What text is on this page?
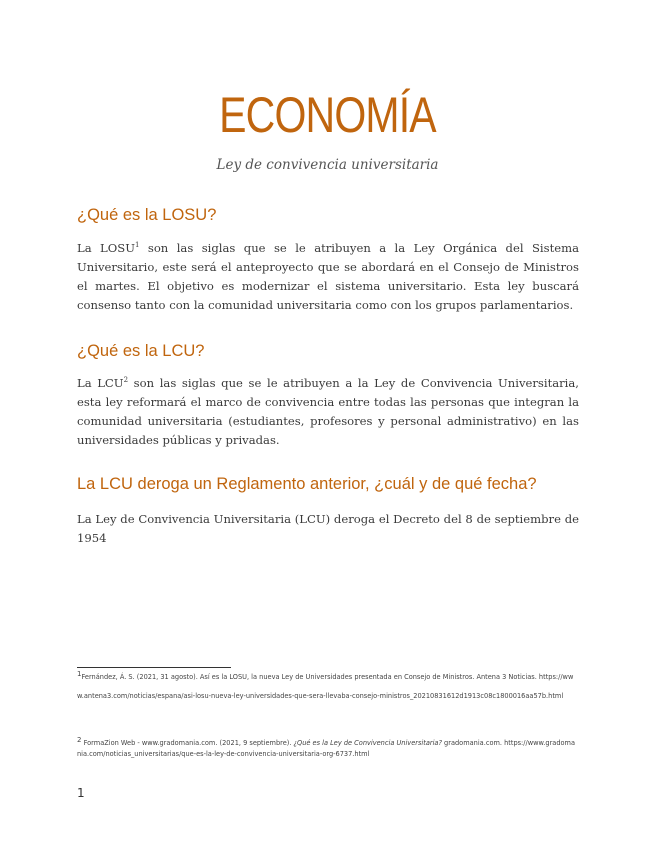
ECONOMÍA
Ley de convivencia universitaria
¿Qué es la LOSU?

La LOSU$^1$ son las siglas que se le atribuyen a la Ley Orgánica del Sistema Universitario, este será el anteproyecto que se abordará en el Consejo de Ministros el martes. El objetivo es modernizar el sistema universitario. Esta ley buscará consenso tanto con la comunidad universitaria como con los grupos parlamentarios.

¿Qué es la LCU?

La LCU$^2$ son las siglas que se le atribuyen a la Ley de Convivencia Universitaria, esta ley reformará el marco de convivencia entre todas las personas que integran la comunidad universitaria (estudiantes, profesores y personal administrativo) en las universidades públicas y privadas.

La LCU deroga un Reglamento anterior, ¿cuál y de qué fecha?

La Ley de Convivencia Universitaria (LCU) deroga el Decreto del 8 de septiembre de 1954

$^1$Fernández, Á. S. (2021, 31 agosto). Así es la LOSU, la nueva Ley de Universidades presentada en Consejo de Ministros. Antena 3 Noticias. https://www.antena3.com/noticias/espana/asi-losu-nueva-ley-universidades-que-sera-llevaba-consejo-ministros_20210831612d1913c08c1800016aa57b.html

$^2$ FormaZion Web - www.gradomania.com. (2021, 9 septiembre). ¿Qué es la Ley de Convivencia Universitaria? gradomania.com. https://www.gradomania.com/noticias_universitarias/que-es-la-ley-de-convivencia-universitaria-org-6737.html

1
